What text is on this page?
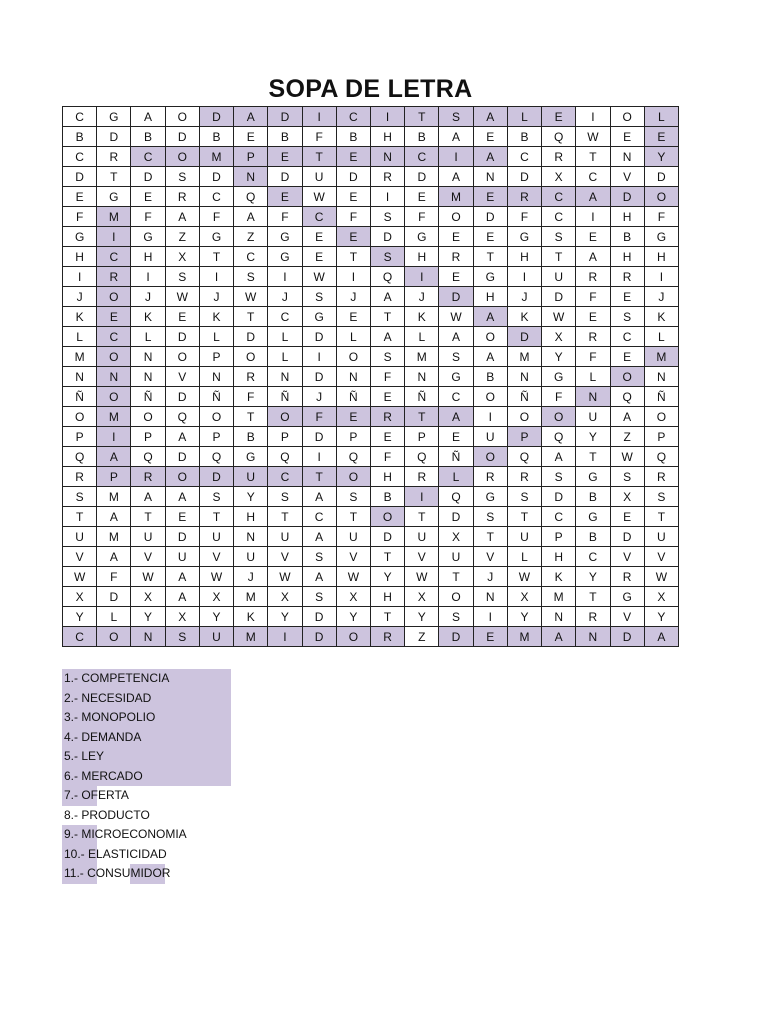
SOPA DE LETRA
C	G	A	O	D	A	D	I	C	I	T	S	A	L	E	I	O	L
B	D	B	D	B	E	B	F	B	H	B	A	E	B	Q	W	E	E
C	R	C	O	M	P	E	T	E	N	C	I	A	C	R	T	N	Y
D	T	D	S	D	N	D	U	D	R	D	A	N	D	X	C	V	D
E	G	E	R	C	Q	E	W	E	I	E	M	E	R	C	A	D	O
F	M	F	A	F	A	F	C	F	S	F	O	D	F	C	I	H	F
G	I	G	Z	G	Z	G	E	E	D	G	E	E	G	S	E	B	G
H	C	H	X	T	C	G	E	T	S	H	R	T	H	T	A	H	H
I	R	I	S	I	S	I	W	I	Q	I	E	G	I	U	R	R	I
J	O	J	W	J	W	J	S	J	A	J	D	H	J	D	F	E	J
K	E	K	E	K	T	C	G	E	T	K	W	A	K	W	E	S	K
L	C	L	D	L	D	L	D	L	A	L	A	O	D	X	R	C	L
M	O	N	O	P	O	L	I	O	S	M	S	A	M	Y	F	E	M
N	N	N	V	N	R	N	D	N	F	N	G	B	N	G	L	O	N
Ñ	O	Ñ	D	Ñ	F	Ñ	J	Ñ	E	Ñ	C	O	Ñ	F	N	Q	Ñ
O	M	O	Q	O	T	O	F	E	R	T	A	I	O	O	U	A	O
P	I	P	A	P	B	P	D	P	E	P	E	U	P	Q	Y	Z	P
Q	A	Q	D	Q	G	Q	I	Q	F	Q	Ñ	O	Q	A	T	W	Q
R	P	R	O	D	U	C	T	O	H	R	L	R	R	S	G	S	R
S	M	A	A	S	Y	S	A	S	B	I	Q	G	S	D	B	X	S
T	A	T	E	T	H	T	C	T	O	T	D	S	T	C	G	E	T
U	M	U	D	U	N	U	A	U	D	U	X	T	U	P	B	D	U
V	A	V	U	V	U	V	S	V	T	V	U	V	L	H	C	V	V
W	F	W	A	W	J	W	A	W	Y	W	T	J	W	K	Y	R	W
X	D	X	A	X	M	X	S	X	H	X	O	N	X	M	T	G	X
Y	L	Y	X	Y	K	Y	D	Y	T	Y	S	I	Y	N	R	V	Y
C	O	N	S	U	M	I	D	O	R	Z	D	E	M	A	N	D	A
1.- COMPETENCIA
2.- NECESIDAD
3.- MONOPOLIO
4.- DEMANDA
5.- LEY
6.- MERCADO
7.- OFERTA
8.- PRODUCTO
9.- MICROECONOMIA
10.- ELASTICIDAD
11.- CONSUMIDOR
